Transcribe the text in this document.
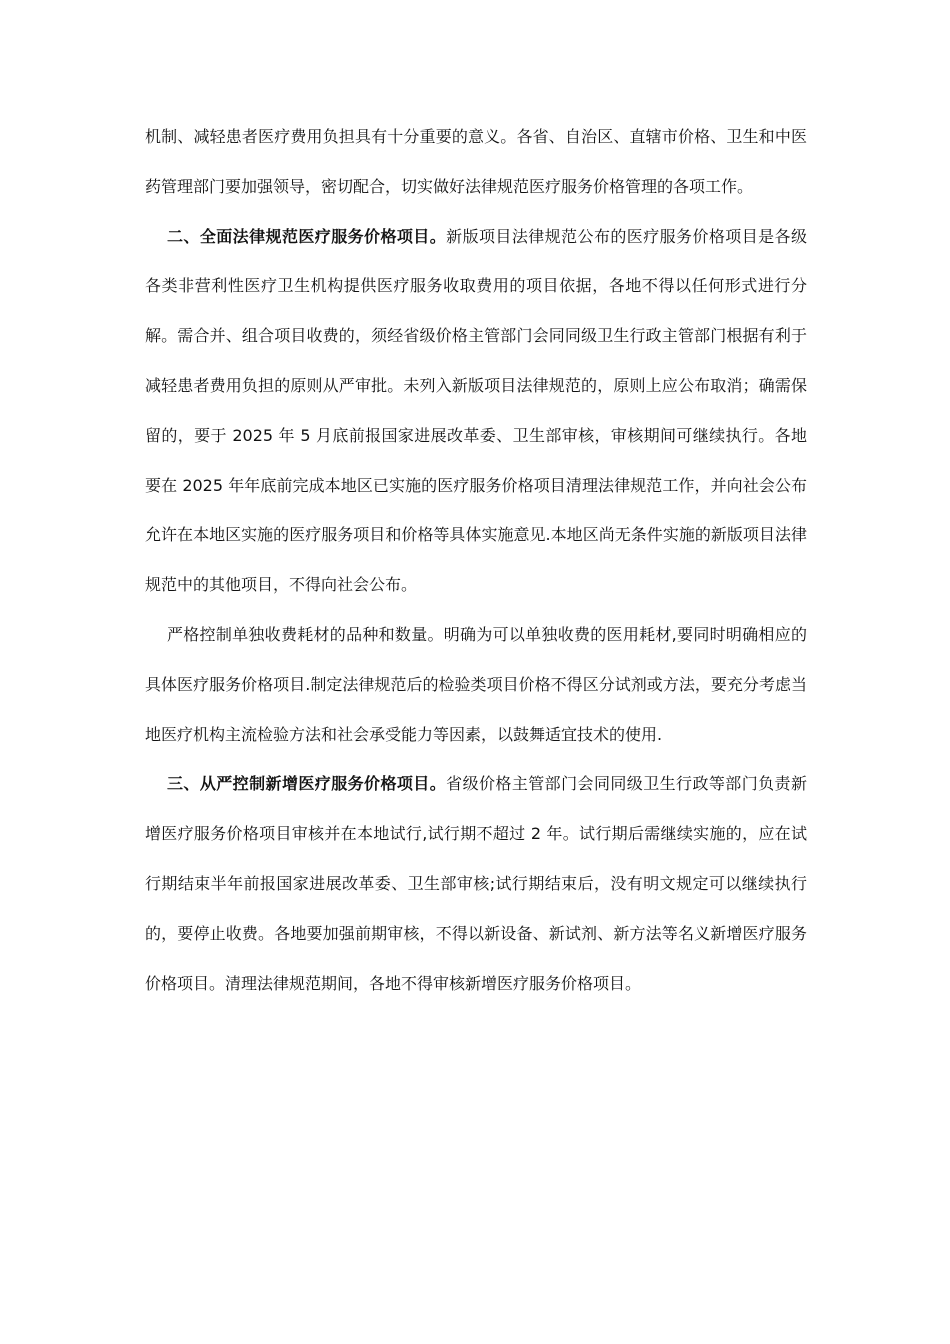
机制、减轻患者医疗费用负担具有十分重要的意义。各省、自治区、直辖市价格、卫生和中医药管理部门要加强领导，密切配合，切实做好法律规范医疗服务价格管理的各项工作。

二、全面法律规范医疗服务价格项目。新版项目法律规范公布的医疗服务价格项目是各级各类非营利性医疗卫生机构提供医疗服务收取费用的项目依据，各地不得以任何形式进行分解。需合并、组合项目收费的，须经省级价格主管部门会同同级卫生行政主管部门根据有利于减轻患者费用负担的原则从严审批。未列入新版项目法律规范的，原则上应公布取消；确需保留的，要于 2025 年 5 月底前报国家进展改革委、卫生部审核，审核期间可继续执行。各地要在 2025 年年底前完成本地区已实施的医疗服务价格项目清理法律规范工作，并向社会公布允许在本地区实施的医疗服务项目和价格等具体实施意见.本地区尚无条件实施的新版项目法律规范中的其他项目，不得向社会公布。

严格控制单独收费耗材的品种和数量。明确为可以单独收费的医用耗材,要同时明确相应的具体医疗服务价格项目.制定法律规范后的检验类项目价格不得区分试剂或方法，要充分考虑当地医疗机构主流检验方法和社会承受能力等因素，以鼓舞适宜技术的使用.

三、从严控制新增医疗服务价格项目。省级价格主管部门会同同级卫生行政等部门负责新增医疗服务价格项目审核并在本地试行,试行期不超过 2 年。试行期后需继续实施的，应在试行期结束半年前报国家进展改革委、卫生部审核;试行期结束后，没有明文规定可以继续执行的，要停止收费。各地要加强前期审核，不得以新设备、新试剂、新方法等名义新增医疗服务价格项目。清理法律规范期间，各地不得审核新增医疗服务价格项目。
